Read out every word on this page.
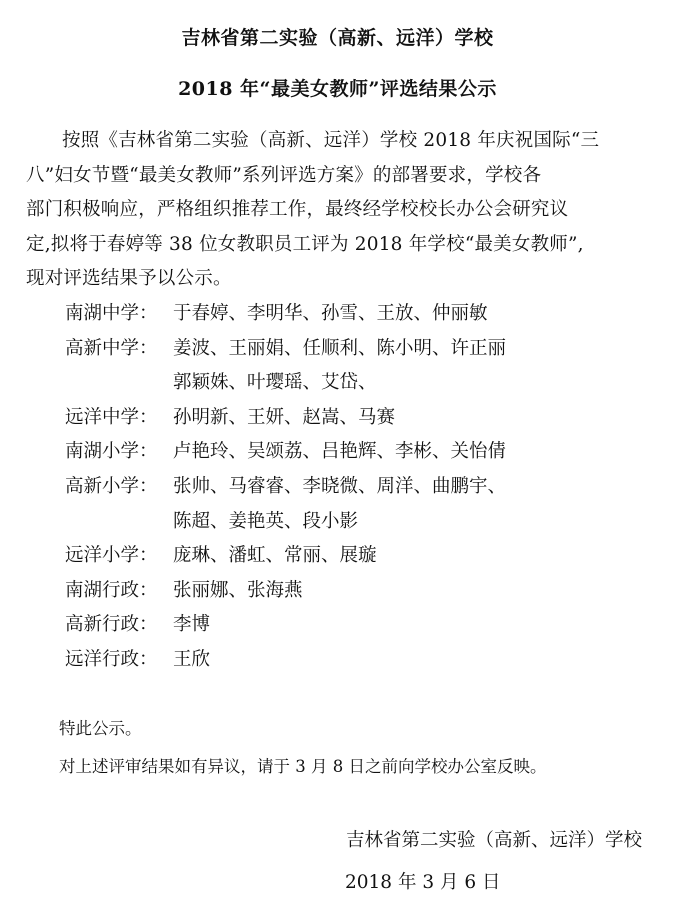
吉林省第二实验（高新、远洋）学校
2018 年“最美女教师”评选结果公示
按照《吉林省第二实验（高新、远洋）学校 2018 年庆祝国际“三
八”妇女节暨“最美女教师”系列评选方案》的部署要求，学校各
部门积极响应，严格组织推荐工作，最终经学校校长办公会研究议
定,拟将于春婷等 38 位女教职员工评为 2018 年学校“最美女教师”,
现对评选结果予以公示。
南湖中学： 于春婷、李明华、孙雪、王放、仲丽敏
高新中学： 姜波、王丽娟、任顺利、陈小明、许正丽
郭颖姝、叶璎瑶、艾岱、
远洋中学： 孙明新、王妍、赵嵩、马赛
南湖小学： 卢艳玲、吴颂荔、吕艳辉、李彬、关怡倩
高新小学： 张帅、马睿睿、李晓微、周洋、曲鹏宇、
陈超、姜艳英、段小影
远洋小学： 庞琳、潘虹、常丽、展璇
南湖行政： 张丽娜、张海燕
高新行政： 李博
远洋行政： 王欣
特此公示。
对上述评审结果如有异议，请于 3 月 8 日之前向学校办公室反映。
吉林省第二实验（高新、远洋）学校
2018 年 3 月 6 日
